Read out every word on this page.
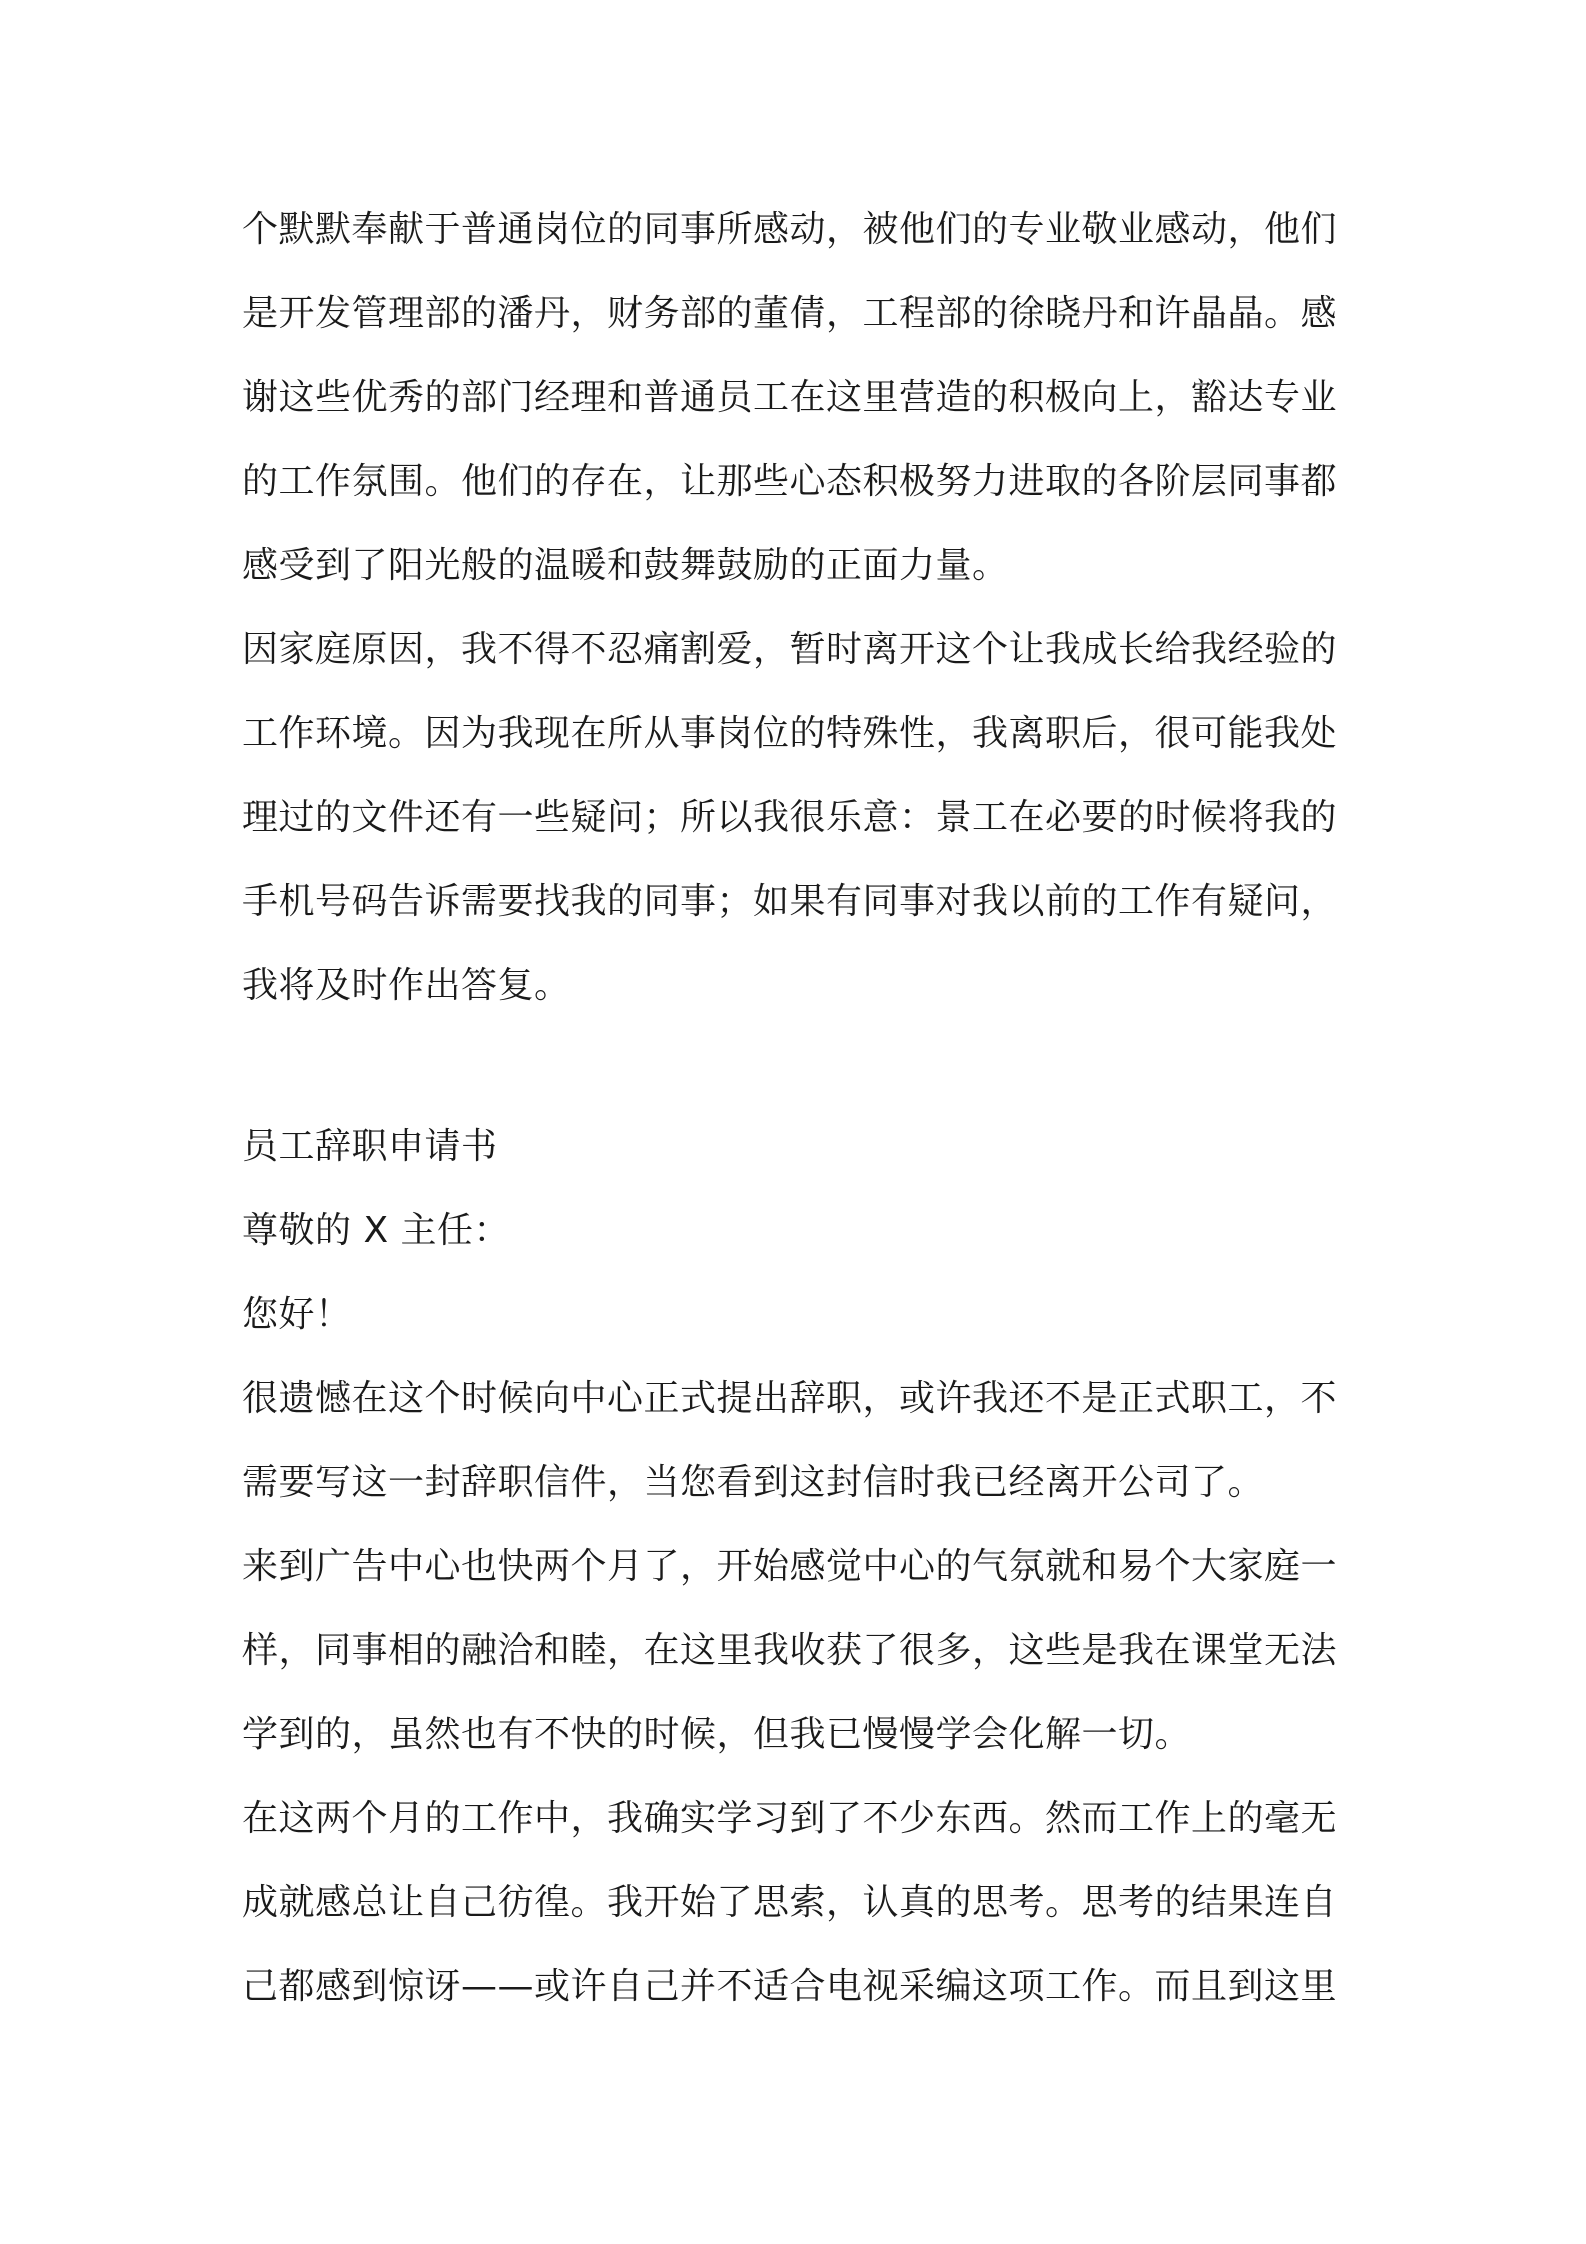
个默默奉献于普通岗位的同事所感动，被他们的专业敬业感动，他们
是开发管理部的潘丹，财务部的董倩，工程部的徐晓丹和许晶晶。感
谢这些优秀的部门经理和普通员工在这里营造的积极向上，豁达专业
的工作氛围。他们的存在，让那些心态积极努力进取的各阶层同事都
感受到了阳光般的温暖和鼓舞鼓励的正面力量。
因家庭原因，我不得不忍痛割爱，暂时离开这个让我成长给我经验的
工作环境。因为我现在所从事岗位的特殊性，我离职后，很可能我处
理过的文件还有一些疑问；所以我很乐意：景工在必要的时候将我的
手机号码告诉需要找我的同事；如果有同事对我以前的工作有疑问，
我将及时作出答复。
员工辞职申请书
尊敬的 X 主任：
您好！
很遗憾在这个时候向中心正式提出辞职，或许我还不是正式职工，不
需要写这一封辞职信件，当您看到这封信时我已经离开公司了。
来到广告中心也快两个月了，开始感觉中心的气氛就和易个大家庭一
样，同事相的融洽和睦，在这里我收获了很多，这些是我在课堂无法
学到的，虽然也有不快的时候，但我已慢慢学会化解一切。
在这两个月的工作中，我确实学习到了不少东西。然而工作上的毫无
成就感总让自己彷徨。我开始了思索，认真的思考。思考的结果连自
己都感到惊讶——或许自己并不适合电视采编这项工作。而且到这里
